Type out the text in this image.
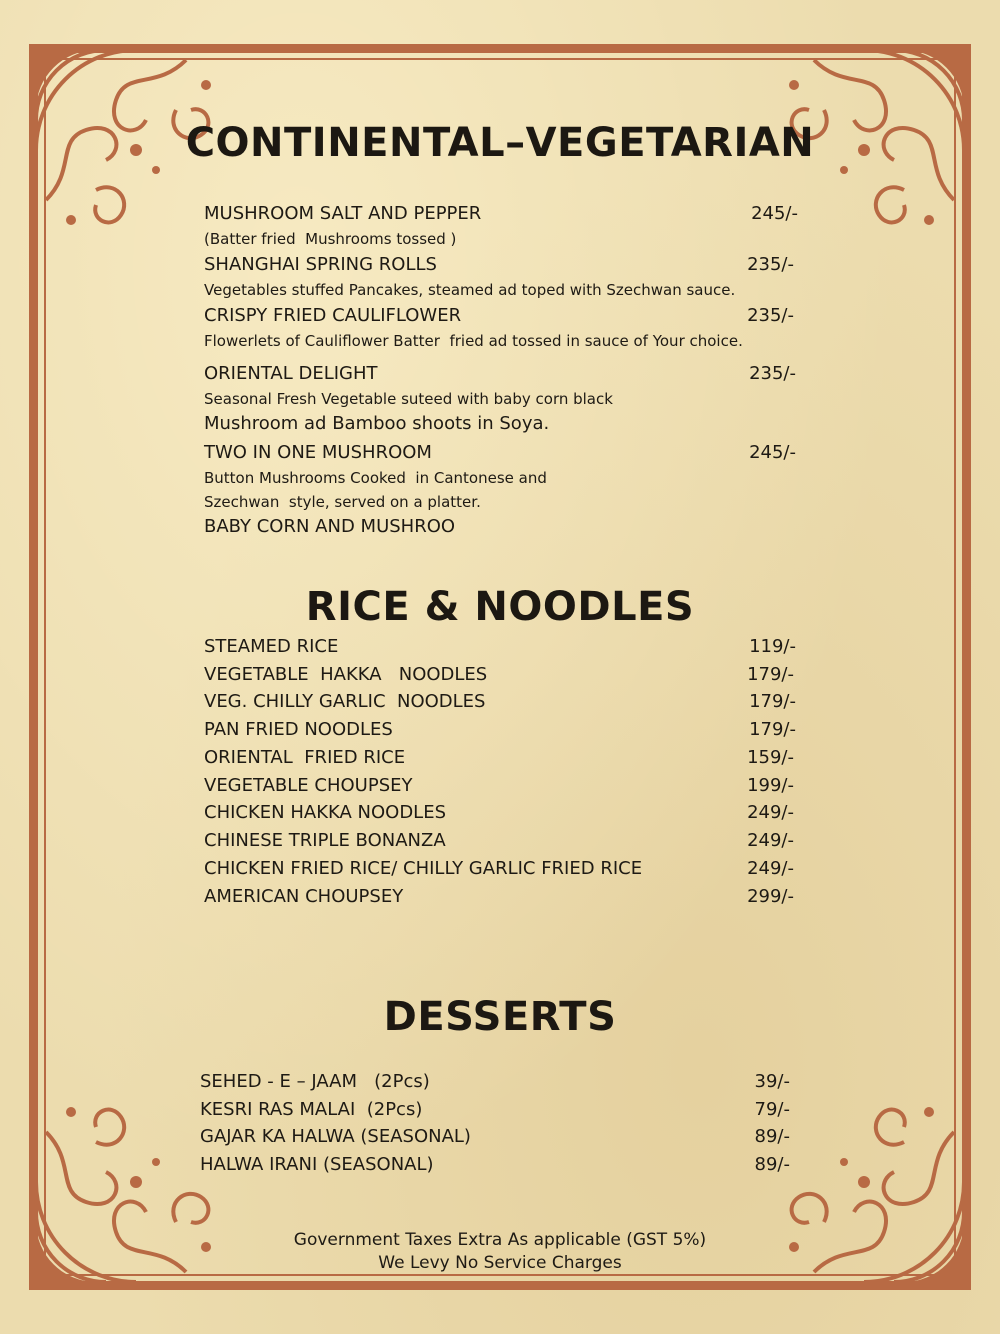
CONTINENTAL–VEGETARIAN
MUSHROOM SALT AND PEPPER	245/-
(Batter fried  Mushrooms tossed )
SHANGHAI SPRING ROLLS	235/-
Vegetables stuffed Pancakes, steamed ad toped with Szechwan sauce.
CRISPY FRIED CAULIFLOWER	235/-
Flowerlets of Cauliflower Batter  fried ad tossed in sauce of Your choice.
ORIENTAL DELIGHT	235/-
Seasonal Fresh Vegetable suteed with baby corn black
Mushroom ad Bamboo shoots in Soya.
TWO IN ONE MUSHROOM	245/-
Button Mushrooms Cooked  in Cantonese and
Szechwan  style, served on a platter.
BABY CORN AND MUSHROO
RICE & NOODLES
STEAMED RICE	119/-
VEGETABLE  HAKKA   NOODLES	179/-
VEG. CHILLY GARLIC  NOODLES	179/-
PAN FRIED NOODLES	179/-
ORIENTAL  FRIED RICE	159/-
VEGETABLE CHOUPSEY	199/-
CHICKEN HAKKA NOODLES	249/-
CHINESE TRIPLE BONANZA	249/-
CHICKEN FRIED RICE/ CHILLY GARLIC FRIED RICE	249/-
AMERICAN CHOUPSEY	299/-
DESSERTS
SEHED - E – JAAM   (2Pcs)	39/-
KESRI RAS MALAI  (2Pcs)	79/-
GAJAR KA HALWA (SEASONAL)	89/-
HALWA IRANI (SEASONAL)	89/-
Government Taxes Extra As applicable (GST 5%)
We Levy No Service Charges
